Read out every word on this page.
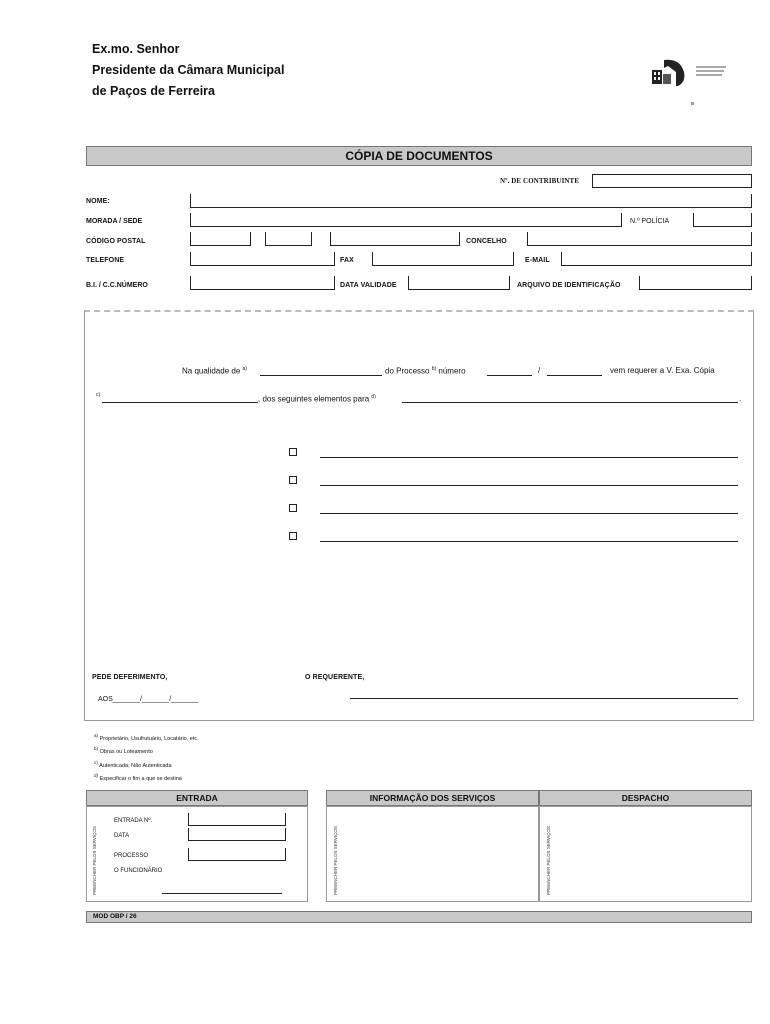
Ex.mo. Senhor
Presidente da Câmara Municipal
de Paços de Ferreira
CÓPIA DE DOCUMENTOS
Nº. DE CONTRIBUINTE
NOME:
MORADA / SEDE	N.º POLÍCIA
CÓDIGO POSTAL	CONCELHO
TELEFONE	FAX	E-MAIL
B.I. / C.C.NÚMERO	DATA VALIDADE	ARQUIVO DE IDENTIFICAÇÃO
Na qualidade de $^{a)}$	do Processo $^{b)}$ número	/	vem requerer a V. Exa. Cópia
c)	, dos seguintes elementos para $^{d)}$	.
PEDE DEFERIMENTO,	O REQUERENTE,
AOS_______/_______/_______
$^{a)}$ Proprietário, Usufrutuário, Locatário, etc.
$^{b)}$ Obras ou Loteamento
$^{c)}$ Autenticada; Não Autenticada
$^{d)}$ Especificar o fim a que se destina
ENTRADA
PREENCHER PELOS SERVIÇOS
ENTRADA Nº.
DATA
PROCESSO
O FUNCIONÁRIO
INFORMAÇÃO DOS SERVIÇOS
PREENCHER PELOS SERVIÇOS
DESPACHO
PREENCHER PELOS SERVIÇOS
MOD OBP / 26
